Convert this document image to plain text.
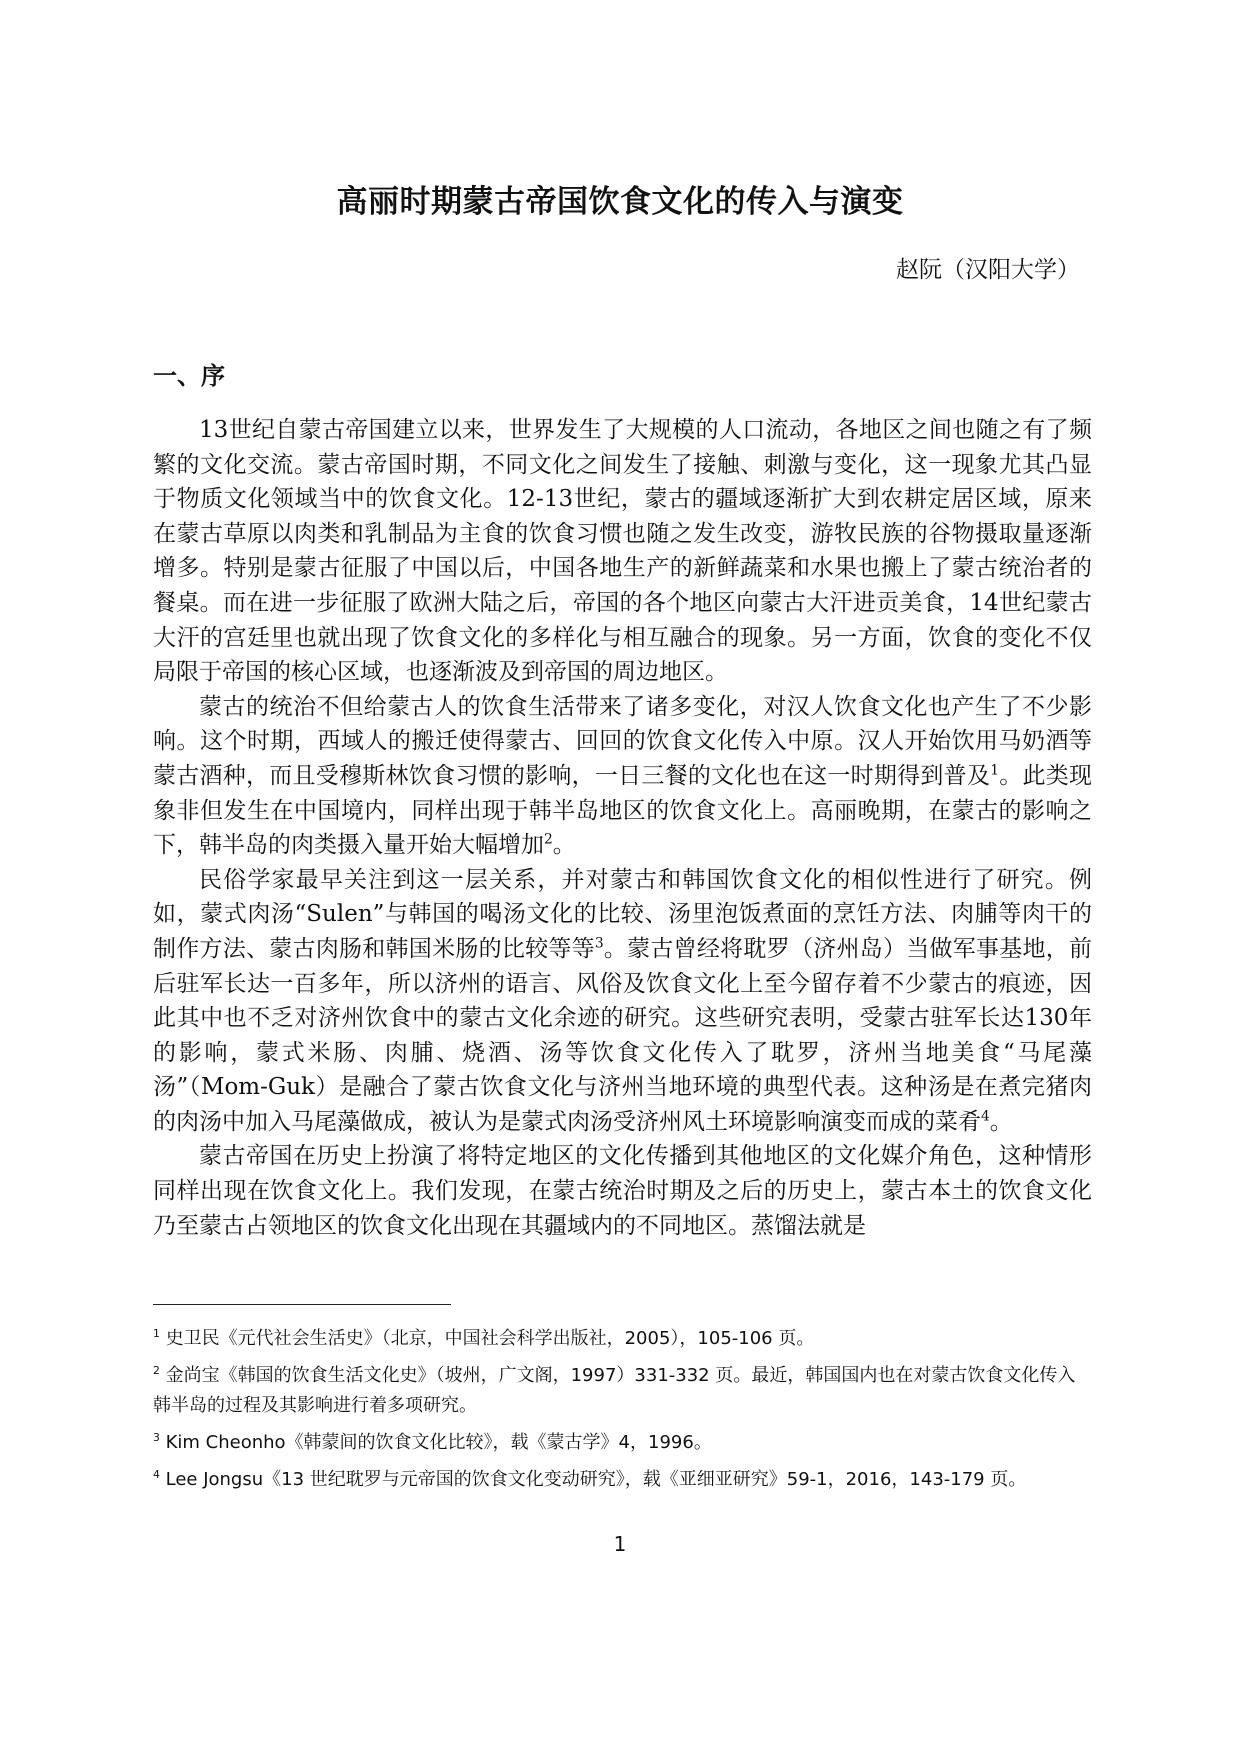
高丽时期蒙古帝国饮食文化的传入与演变
赵阮（汉阳大学）
一、序

13世纪自蒙古帝国建立以来，世界发生了大规模的人口流动，各地区之间也随之有了频繁的文化交流。蒙古帝国时期，不同文化之间发生了接触、刺激与变化，这一现象尤其凸显于物质文化领域当中的饮食文化。12-13世纪，蒙古的疆域逐渐扩大到农耕定居区域，原来在蒙古草原以肉类和乳制品为主食的饮食习惯也随之发生改变，游牧民族的谷物摄取量逐渐增多。特别是蒙古征服了中国以后，中国各地生产的新鲜蔬菜和水果也搬上了蒙古统治者的餐桌。而在进一步征服了欧洲大陆之后，帝国的各个地区向蒙古大汗进贡美食，14世纪蒙古大汗的宫廷里也就出现了饮食文化的多样化与相互融合的现象。另一方面，饮食的变化不仅局限于帝国的核心区域，也逐渐波及到帝国的周边地区。

蒙古的统治不但给蒙古人的饮食生活带来了诸多变化，对汉人饮食文化也产生了不少影响。这个时期，西域人的搬迁使得蒙古、回回的饮食文化传入中原。汉人开始饮用马奶酒等蒙古酒种，而且受穆斯林饮食习惯的影响，一日三餐的文化也在这一时期得到普及$^1$。此类现象非但发生在中国境内，同样出现于韩半岛地区的饮食文化上。高丽晚期，在蒙古的影响之下，韩半岛的肉类摄入量开始大幅增加$^2$。

民俗学家最早关注到这一层关系，并对蒙古和韩国饮食文化的相似性进行了研究。例如，蒙式肉汤“Sulen”与韩国的喝汤文化的比较、汤里泡饭煮面的烹饪方法、肉脯等肉干的制作方法、蒙古肉肠和韩国米肠的比较等等$^3$。蒙古曾经将耽罗（济州岛）当做军事基地，前后驻军长达一百多年，所以济州的语言、风俗及饮食文化上至今留存着不少蒙古的痕迹，因此其中也不乏对济州饮食中的蒙古文化余迹的研究。这些研究表明，受蒙古驻军长达130年的影响，蒙式米肠、肉脯、烧酒、汤等饮食文化传入了耽罗，济州当地美食“马尾藻汤”（Mom-Guk）是融合了蒙古饮食文化与济州当地环境的典型代表。这种汤是在煮完猪肉的肉汤中加入马尾藻做成，被认为是蒙式肉汤受济州风土环境影响演变而成的菜肴$^4$。

蒙古帝国在历史上扮演了将特定地区的文化传播到其他地区的文化媒介角色，这种情形同样出现在饮食文化上。我们发现，在蒙古统治时期及之后的历史上，蒙古本土的饮食文化乃至蒙古占领地区的饮食文化出现在其疆域内的不同地区。蒸馏法就是

$^1$ 史卫民《元代社会生活史》（北京，中国社会科学出版社，2005），105-106 页。
$^2$ 金尚宝《韩国的饮食生活文化史》（坡州，广文阁，1997）331-332 页。最近，韩国国内也在对蒙古饮食文化传入韩半岛的过程及其影响进行着多项研究。
$^3$ Kim Cheonho《韩蒙间的饮食文化比较》，载《蒙古学》4，1996。
$^4$ Lee Jongsu《13 世纪耽罗与元帝国的饮食文化变动研究》，载《亚细亚研究》59-1，2016，143-179 页。
1
